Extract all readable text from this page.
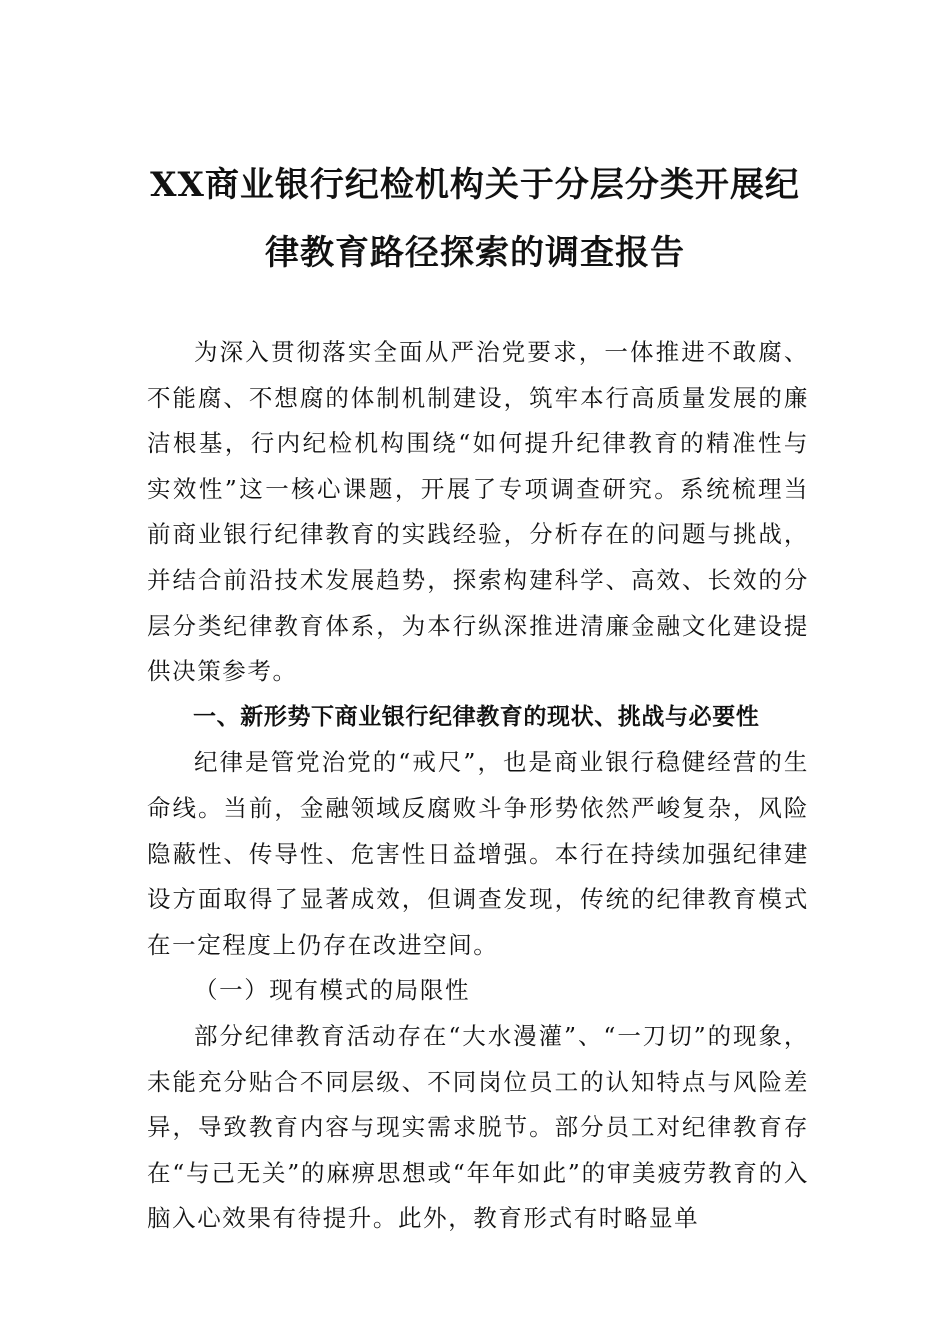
XX商业银行纪检机构关于分层分类开展纪
律教育路径探索的调查报告

为深入贯彻落实全面从严治党要求，一体推进不敢腐、不能腐、不想腐的体制机制建设，筑牢本行高质量发展的廉洁根基，行内纪检机构围绕“如何提升纪律教育的精准性与实效性”这一核心课题，开展了专项调查研究。系统梳理当前商业银行纪律教育的实践经验，分析存在的问题与挑战，并结合前沿技术发展趋势，探索构建科学、高效、长效的分层分类纪律教育体系，为本行纵深推进清廉金融文化建设提供决策参考。

一、新形势下商业银行纪律教育的现状、挑战与必要性

纪律是管党治党的“戒尺”，也是商业银行稳健经营的生命线。当前，金融领域反腐败斗争形势依然严峻复杂，风险隐蔽性、传导性、危害性日益增强。本行在持续加强纪律建设方面取得了显著成效，但调查发现，传统的纪律教育模式在一定程度上仍存在改进空间。

（一）现有模式的局限性

部分纪律教育活动存在“大水漫灌”、“一刀切”的现象，未能充分贴合不同层级、不同岗位员工的认知特点与风险差异，导致教育内容与现实需求脱节。部分员工对纪律教育存在“与己无关”的麻痹思想或“年年如此”的审美疲劳教育的入脑入心效果有待提升。此外，教育形式有时略显单
